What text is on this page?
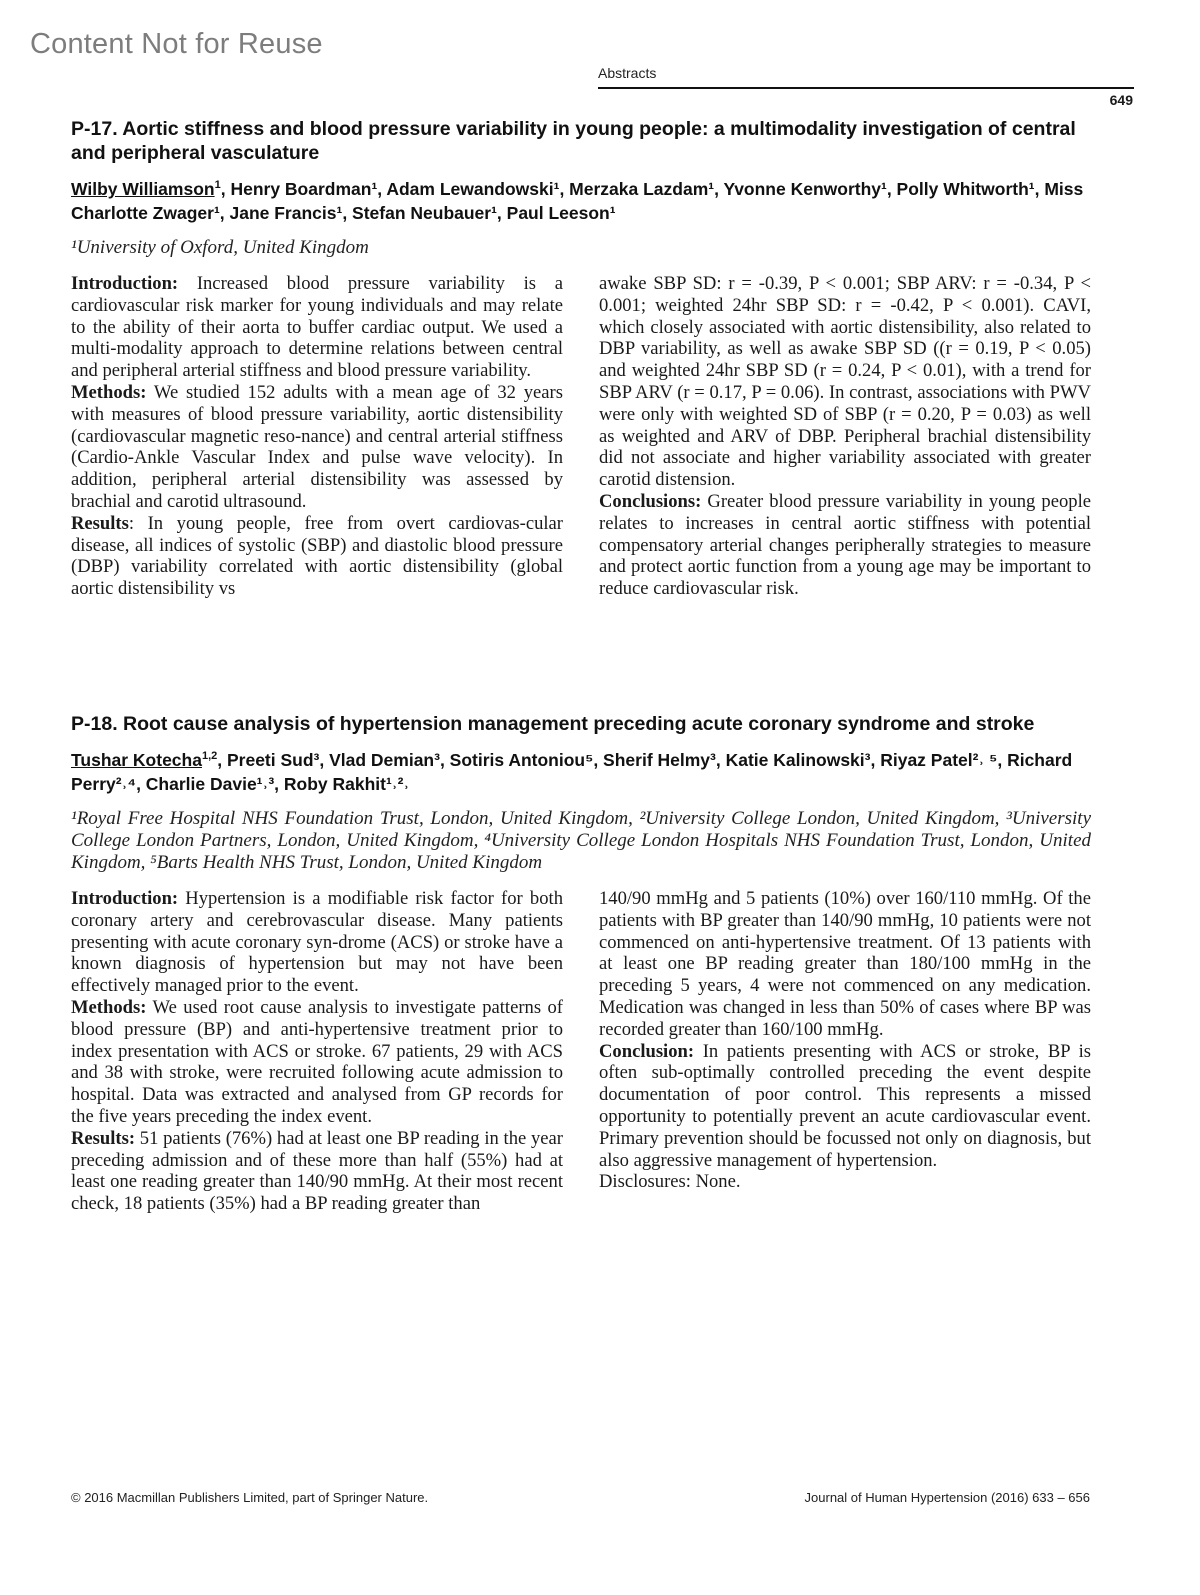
Content Not for Reuse
Abstracts
649
P-17. Aortic stiffness and blood pressure variability in young people: a multimodality investigation of central and peripheral vasculature
Wilby Williamson$^1$, Henry Boardman¹, Adam Lewandowski¹, Merzaka Lazdam¹, Yvonne Kenworthy¹, Polly Whitworth¹, Miss Charlotte Zwager¹, Jane Francis¹, Stefan Neubauer¹, Paul Leeson¹
¹University of Oxford, United Kingdom

Introduction: Increased blood pressure variability is a cardiovascular risk marker for young individuals and may relate to the ability of their aorta to buffer cardiac output. We used a multi-modality approach to determine relations between central and peripheral arterial stiffness and blood pressure variability.

Methods: We studied 152 adults with a mean age of 32 years with measures of blood pressure variability, aortic distensibility (cardiovascular magnetic reso-nance) and central arterial stiffness (Cardio-Ankle Vascular Index and pulse wave velocity). In addition, peripheral arterial distensibility was assessed by brachial and carotid ultrasound.

Results: In young people, free from overt cardiovas-cular disease, all indices of systolic (SBP) and diastolic blood pressure (DBP) variability correlated with aortic distensibility (global aortic distensibility vs

awake SBP SD: r = -0.39, P < 0.001; SBP ARV: r = -0.34, P < 0.001; weighted 24hr SBP SD: r = -0.42, P < 0.001). CAVI, which closely associated with aortic distensibility, also related to DBP variability, as well as awake SBP SD ((r = 0.19, P < 0.05) and weighted 24hr SBP SD (r = 0.24, P < 0.01), with a trend for SBP ARV (r = 0.17, P = 0.06). In contrast, associations with PWV were only with weighted SD of SBP (r = 0.20, P = 0.03) as well as weighted and ARV of DBP. Peripheral brachial distensibility did not associate and higher variability associated with greater carotid distension.

Conclusions: Greater blood pressure variability in young people relates to increases in central aortic stiffness with potential compensatory arterial changes peripherally strategies to measure and protect aortic function from a young age may be important to reduce cardiovascular risk.

P-18. Root cause analysis of hypertension management preceding acute coronary syndrome and stroke
Tushar Kotecha$^{1,2}$, Preeti Sud³, Vlad Demian³, Sotiris Antoniou⁵, Sherif Helmy³, Katie Kalinowski³, Riyaz Patel²˒ ⁵, Richard Perry²˒⁴, Charlie Davie¹˒³, Roby Rakhit¹˒²˒
¹Royal Free Hospital NHS Foundation Trust, London, United Kingdom, ²University College London, United Kingdom, ³University College London Partners, London, United Kingdom, ⁴University College London Hospitals NHS Foundation Trust, London, United Kingdom, ⁵Barts Health NHS Trust, London, United Kingdom

Introduction: Hypertension is a modifiable risk factor for both coronary artery and cerebrovascular disease. Many patients presenting with acute coronary syn-drome (ACS) or stroke have a known diagnosis of hypertension but may not have been effectively managed prior to the event.

Methods: We used root cause analysis to investigate patterns of blood pressure (BP) and anti-hypertensive treatment prior to index presentation with ACS or stroke. 67 patients, 29 with ACS and 38 with stroke, were recruited following acute admission to hospital. Data was extracted and analysed from GP records for the five years preceding the index event.

Results: 51 patients (76%) had at least one BP reading in the year preceding admission and of these more than half (55%) had at least one reading greater than 140/90 mmHg. At their most recent check, 18 patients (35%) had a BP reading greater than

140/90 mmHg and 5 patients (10%) over 160/110 mmHg. Of the patients with BP greater than 140/90 mmHg, 10 patients were not commenced on anti-hypertensive treatment. Of 13 patients with at least one BP reading greater than 180/100 mmHg in the preceding 5 years, 4 were not commenced on any medication. Medication was changed in less than 50% of cases where BP was recorded greater than 160/100 mmHg.

Conclusion: In patients presenting with ACS or stroke, BP is often sub-optimally controlled preceding the event despite documentation of poor control. This represents a missed opportunity to potentially prevent an acute cardiovascular event. Primary prevention should be focussed not only on diagnosis, but also aggressive management of hypertension.

Disclosures: None.

© 2016 Macmillan Publishers Limited, part of Springer Nature.	Journal of Human Hypertension (2016) 633 – 656
